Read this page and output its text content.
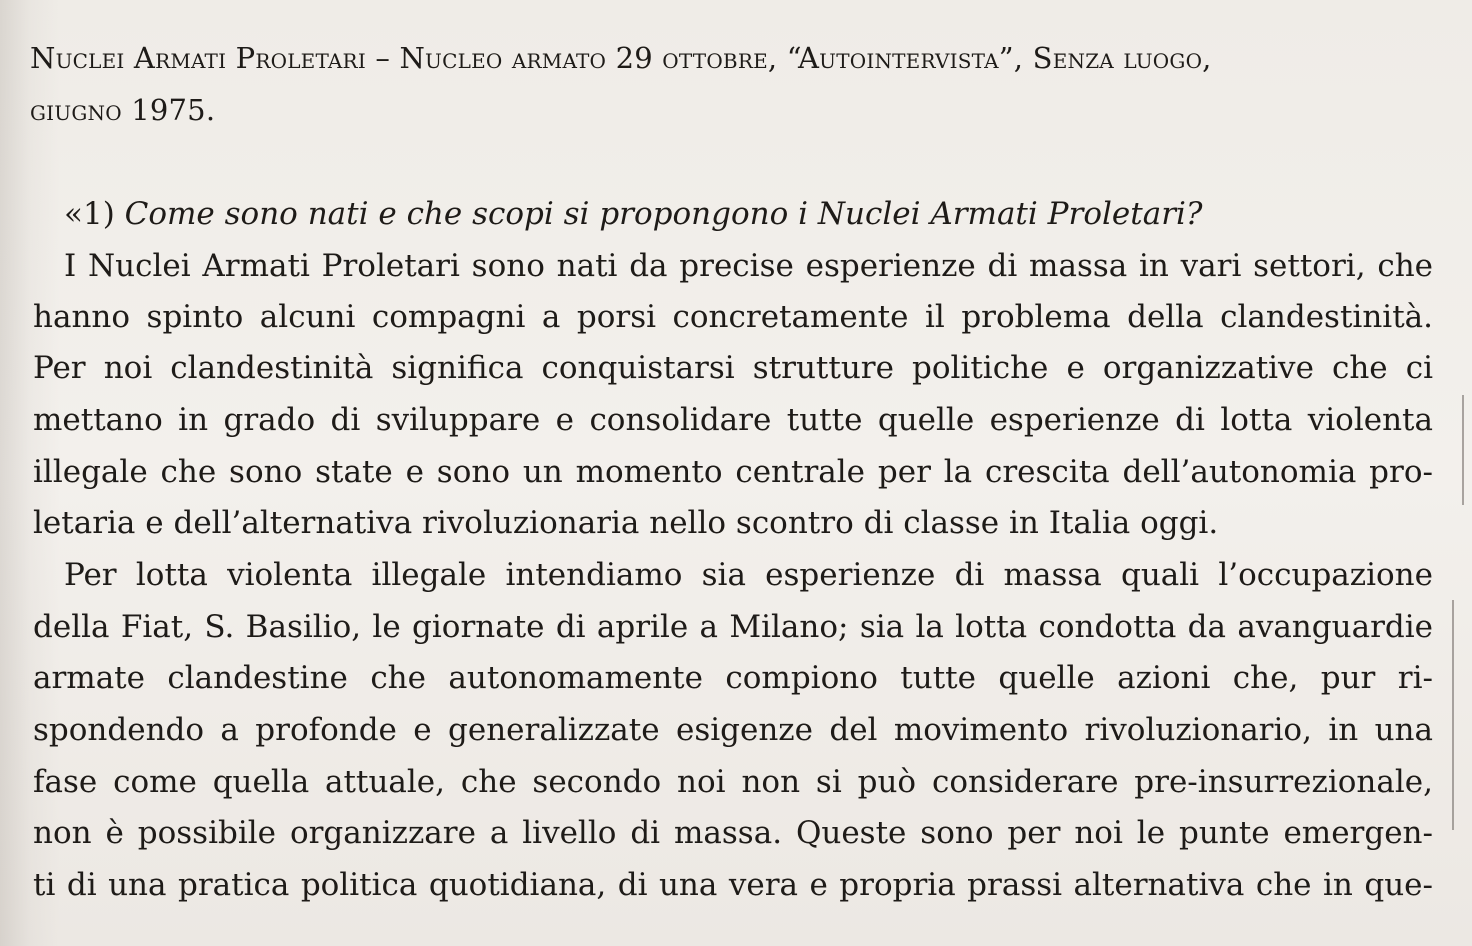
Nuclei Armati Proletari – Nucleo armato 29 ottobre, “Autointervista”, Senza luogo,
giugno 1975.
«1) Come sono nati e che scopi si propongono i Nuclei Armati Proletari?
I Nuclei Armati Proletari sono nati da precise esperienze di massa in vari settori, che
hanno spinto alcuni compagni a porsi concretamente il problema della clandestinità.
Per noi clandestinità significa conquistarsi strutture politiche e organizzative che ci
mettano in grado di sviluppare e consolidare tutte quelle esperienze di lotta violenta
illegale che sono state e sono un momento centrale per la crescita dell’autonomia pro-
letaria e dell’alternativa rivoluzionaria nello scontro di classe in Italia oggi.
Per lotta violenta illegale intendiamo sia esperienze di massa quali l’occupazione
della Fiat, S. Basilio, le giornate di aprile a Milano; sia la lotta condotta da avanguardie
armate clandestine che autonomamente compiono tutte quelle azioni che, pur ri-
spondendo a profonde e generalizzate esigenze del movimento rivoluzionario, in una
fase come quella attuale, che secondo noi non si può considerare pre-insurrezionale,
non è possibile organizzare a livello di massa. Queste sono per noi le punte emergen-
ti di una pratica politica quotidiana, di una vera e propria prassi alternativa che in que-
